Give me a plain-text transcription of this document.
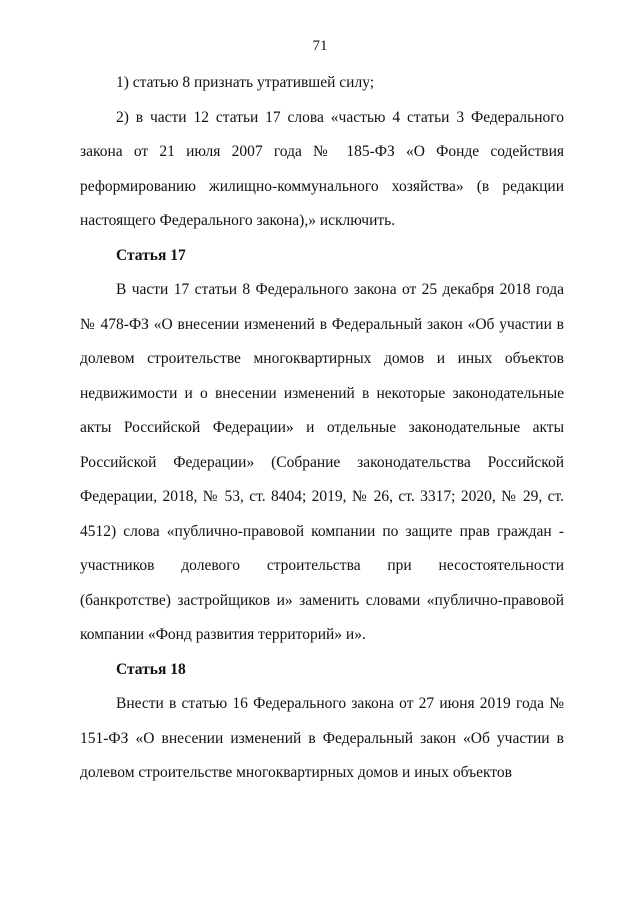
71

1) статью 8 признать утратившей силу;

2) в части 12 статьи 17 слова «частью 4 статьи 3 Федерального закона от 21 июля 2007 года № 185-ФЗ «О Фонде содействия реформированию жилищно-коммунального хозяйства» (в редакции настоящего Федерального закона),» исключить.

Статья 17

В части 17 статьи 8 Федерального закона от 25 декабря 2018 года № 478-ФЗ «О внесении изменений в Федеральный закон «Об участии в долевом строительстве многоквартирных домов и иных объектов недвижимости и о внесении изменений в некоторые законодательные акты Российской Федерации» и отдельные законодательные акты Российской Федерации» (Собрание законодательства Российской Федерации, 2018, № 53, ст. 8404; 2019, № 26, ст. 3317; 2020, № 29, ст. 4512) слова «публично-правовой компании по защите прав граждан - участников долевого строительства при несостоятельности (банкротстве) застройщиков и» заменить словами «публично-правовой компании «Фонд развития территорий» и».

Статья 18

Внести в статью 16 Федерального закона от 27 июня 2019 года № 151-ФЗ «О внесении изменений в Федеральный закон «Об участии в долевом строительстве многоквартирных домов и иных объектов
